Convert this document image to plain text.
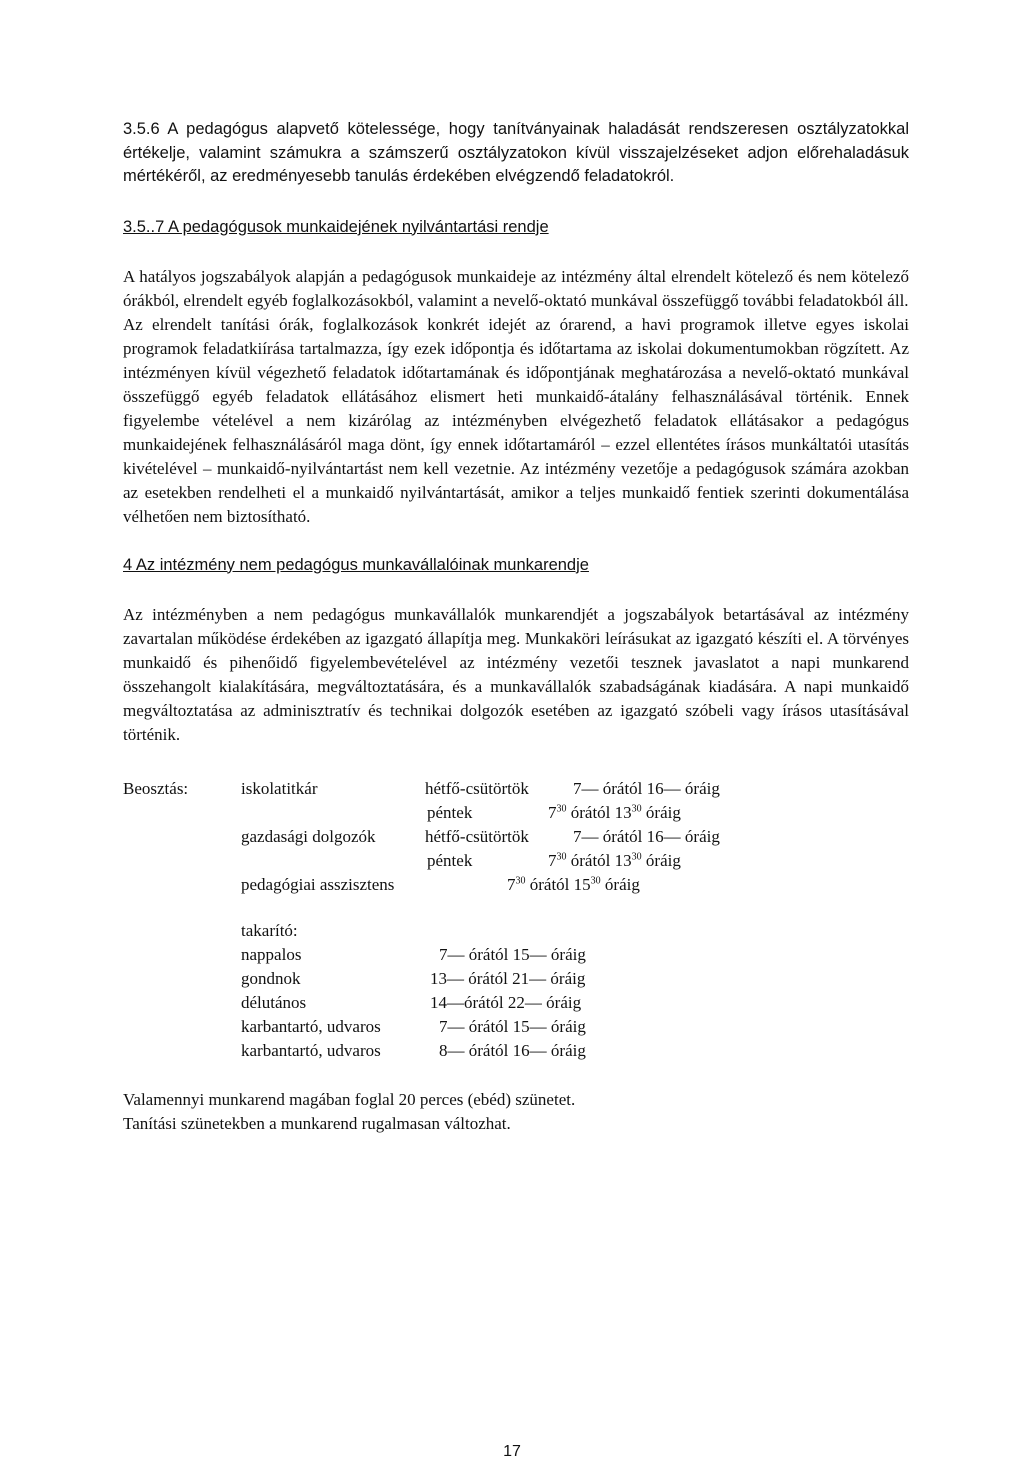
3.5.6 A pedagógus alapvető kötelessége, hogy tanítványainak haladását rendszeresen osztályzatokkal értékelje, valamint számukra a számszerű osztályzatokon kívül visszajelzéseket adjon előrehaladásuk mértékéről, az eredményesebb tanulás érdekében elvégzendő feladatokról.

3.5..7 A pedagógusok munkaidejének nyilvántartási rendje

A hatályos jogszabályok alapján a pedagógusok munkaideje az intézmény által elrendelt kötelező és nem kötelező órákból, elrendelt egyéb foglalkozásokból, valamint a nevelő-oktató munkával összefüggő további feladatokból áll.

Az elrendelt tanítási órák, foglalkozások konkrét idejét az órarend, a havi programok illetve egyes iskolai programok feladatkiírása tartalmazza, így ezek időpontja és időtartama az iskolai dokumentumokban rögzített. Az intézményen kívül végezhető feladatok időtartamának és időpontjának meghatározása a nevelő-oktató munkával összefüggő egyéb feladatok ellátásához elismert heti munkaidő-átalány felhasználásával történik. Ennek figyelembe vételével a nem kizárólag az intézményben elvégezhető feladatok ellátásakor a pedagógus munkaidejének felhasználásáról maga dönt, így ennek időtartamáról – ezzel ellentétes írásos munkáltatói utasítás kivételével – munkaidő-nyilvántartást nem kell vezetnie. Az intézmény vezetője a pedagógusok számára azokban az esetekben rendelheti el a munkaidő nyilvántartását, amikor a teljes munkaidő fentiek szerinti dokumentálása vélhetően nem biztosítható.

4 Az intézmény nem pedagógus munkavállalóinak munkarendje

Az intézményben a nem pedagógus munkavállalók munkarendjét a jogszabályok betartásával az intézmény zavartalan működése érdekében az igazgató állapítja meg. Munkaköri leírásukat az igazgató készíti el. A törvényes munkaidő és pihenőidő figyelembevételével az intézmény vezetői tesznek javaslatot a napi munkarend összehangolt kialakítására, megváltoztatására, és a munkavállalók szabadságának kiadására. A napi munkaidő megváltoztatása az adminisztratív és technikai dolgozók esetében az igazgató szóbeli vagy írásos utasításával történik.

Beosztás:	iskolatitkár	hétfő-csütörtök	7— órától 16— óráig
péntek	$7^{30}$ órától $13^{30}$ óráig
gazdasági dolgozók	hétfő-csütörtök	7— órától 16— óráig
péntek	$7^{30}$ órától $13^{30}$ óráig
pedagógiai asszisztens	$7^{30}$ órától $15^{30}$ óráig
takarító:
nappalos	7— órától 15— óráig
gondnok	13— órától 21— óráig
délutános	14—órától 22— óráig
karbantartó, udvaros	7— órától 15— óráig
karbantartó, udvaros	8— órától 16— óráig

Valamennyi munkarend magában foglal 20 perces (ebéd) szünetet.

Tanítási szünetekben a munkarend rugalmasan változhat.

17
